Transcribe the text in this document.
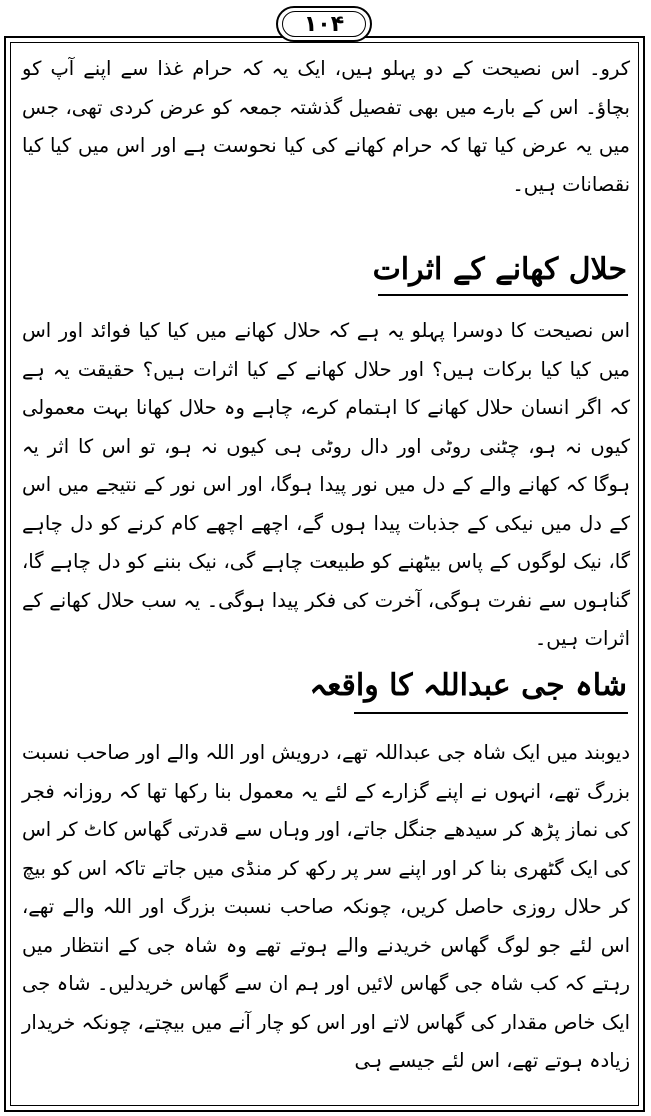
۱۰۴

کرو۔ اس نصیحت کے دو پہلو ہیں، ایک یہ کہ حرام غذا سے اپنے آپ کو بچاؤ۔ اس کے بارے میں بھی تفصیل گذشتہ جمعہ کو عرض کردی تھی، جس میں یہ عرض کیا تھا کہ حرام کھانے کی کیا نحوست ہے اور اس میں کیا کیا نقصانات ہیں۔

حلال کھانے کے اثرات

اس نصیحت کا دوسرا پہلو یہ ہے کہ حلال کھانے میں کیا کیا فوائد اور اس میں کیا کیا برکات ہیں؟ اور حلال کھانے کے کیا اثرات ہیں؟ حقیقت یہ ہے کہ اگر انسان حلال کھانے کا اہتمام کرے، چاہے وہ حلال کھانا بہت معمولی کیوں نہ ہو، چٹنی روٹی اور دال روٹی ہی کیوں نہ ہو، تو اس کا اثر یہ ہوگا کہ کھانے والے کے دل میں نور پیدا ہوگا، اور اس نور کے نتیجے میں اس کے دل میں نیکی کے جذبات پیدا ہوں گے، اچھے اچھے کام کرنے کو دل چاہے گا، نیک لوگوں کے پاس بیٹھنے کو طبیعت چاہے گی، نیک بننے کو دل چاہے گا، گناہوں سے نفرت ہوگی، آخرت کی فکر پیدا ہوگی۔ یہ سب حلال کھانے کے اثرات ہیں۔

شاہ جی عبداللہ کا واقعہ

دیوبند میں ایک شاہ جی عبداللہ تھے، درویش اور اللہ والے اور صاحب نسبت بزرگ تھے، انہوں نے اپنے گزارے کے لئے یہ معمول بنا رکھا تھا کہ روزانہ فجر کی نماز پڑھ کر سیدھے جنگل جاتے، اور وہاں سے قدرتی گھاس کاٹ کر اس کی ایک گٹھری بنا کر اور اپنے سر پر رکھ کر منڈی میں جاتے تاکہ اس کو بیچ کر حلال روزی حاصل کریں، چونکہ صاحب نسبت بزرگ اور اللہ والے تھے، اس لئے جو لوگ گھاس خریدنے والے ہوتے تھے وہ شاہ جی کے انتظار میں رہتے کہ کب شاہ جی گھاس لائیں اور ہم ان سے گھاس خریدلیں۔ شاہ جی ایک خاص مقدار کی گھاس لاتے اور اس کو چار آنے میں بیچتے، چونکہ خریدار زیادہ ہوتے تھے، اس لئے جیسے ہی
